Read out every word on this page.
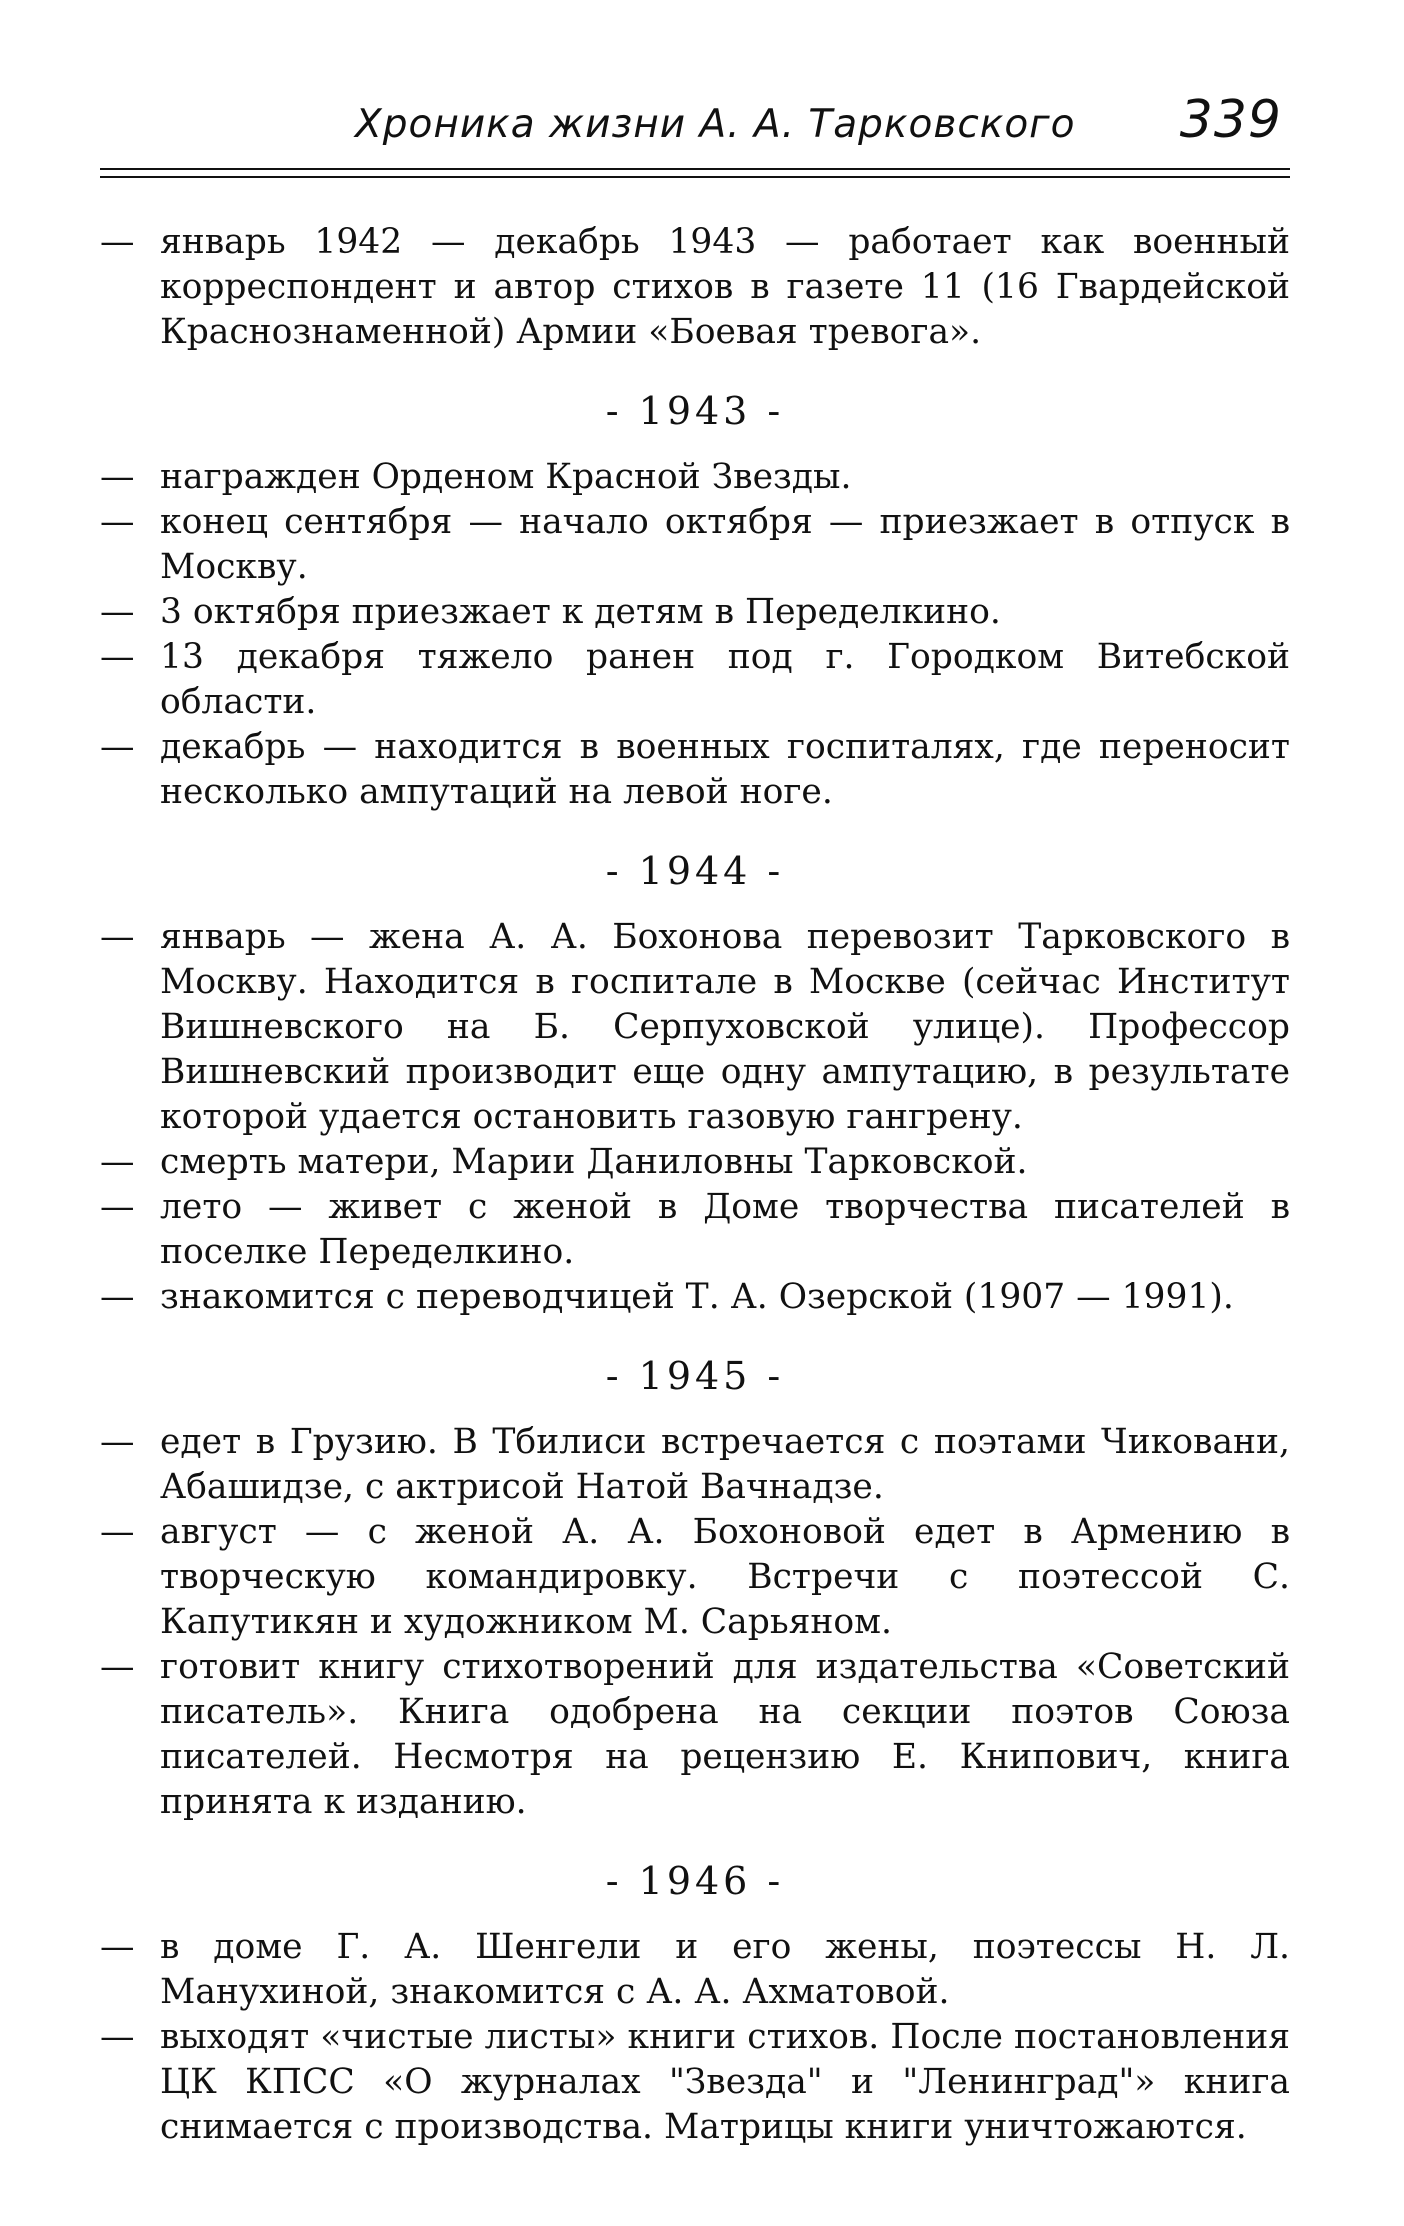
Хроника жизни А. А. Тарковского 339

— январь 1942 — декабрь 1943 — работает как военный корреспондент и автор стихов в газете 11 (16 Гвардейской Краснознаменной) Армии «Боевая тревога».

- 1943 -

— награжден Орденом Красной Звезды.

— конец сентября — начало октября — приезжает в отпуск в Москву.

— 3 октября приезжает к детям в Переделкино.

— 13 декабря тяжело ранен под г. Городком Витебской области.

— декабрь — находится в военных госпиталях, где переносит несколько ампутаций на левой ноге.

- 1944 -

— январь — жена А. А. Бохонова перевозит Тарковского в Москву. Находится в госпитале в Москве (сейчас Институт Вишневского на Б. Серпуховской улице). Профессор Вишневский производит еще одну ампутацию, в результате которой удается остановить газовую гангрену.

— смерть матери, Марии Даниловны Тарковской.

— лето — живет с женой в Доме творчества писателей в поселке Переделкино.

— знакомится с переводчицей Т. А. Озерской (1907 — 1991).

- 1945 -

— едет в Грузию. В Тбилиси встречается с поэтами Чиковани, Абашидзе, с актрисой Натой Вачнадзе.

— август — с женой А. А. Бохоновой едет в Армению в творческую командировку. Встречи с поэтессой С. Капутикян и художником М. Сарьяном.

— готовит книгу стихотворений для издательства «Советский писатель». Книга одобрена на секции поэтов Союза писателей. Несмотря на рецензию Е. Книпович, книга принята к изданию.

- 1946 -

— в доме Г. А. Шенгели и его жены, поэтессы Н. Л. Манухиной, знакомится с А. А. Ахматовой.

— выходят «чистые листы» книги стихов. После постановления ЦК КПСС «О журналах "Звезда" и "Ленинград"» книга снимается с производства. Матрицы книги уничтожаются.
